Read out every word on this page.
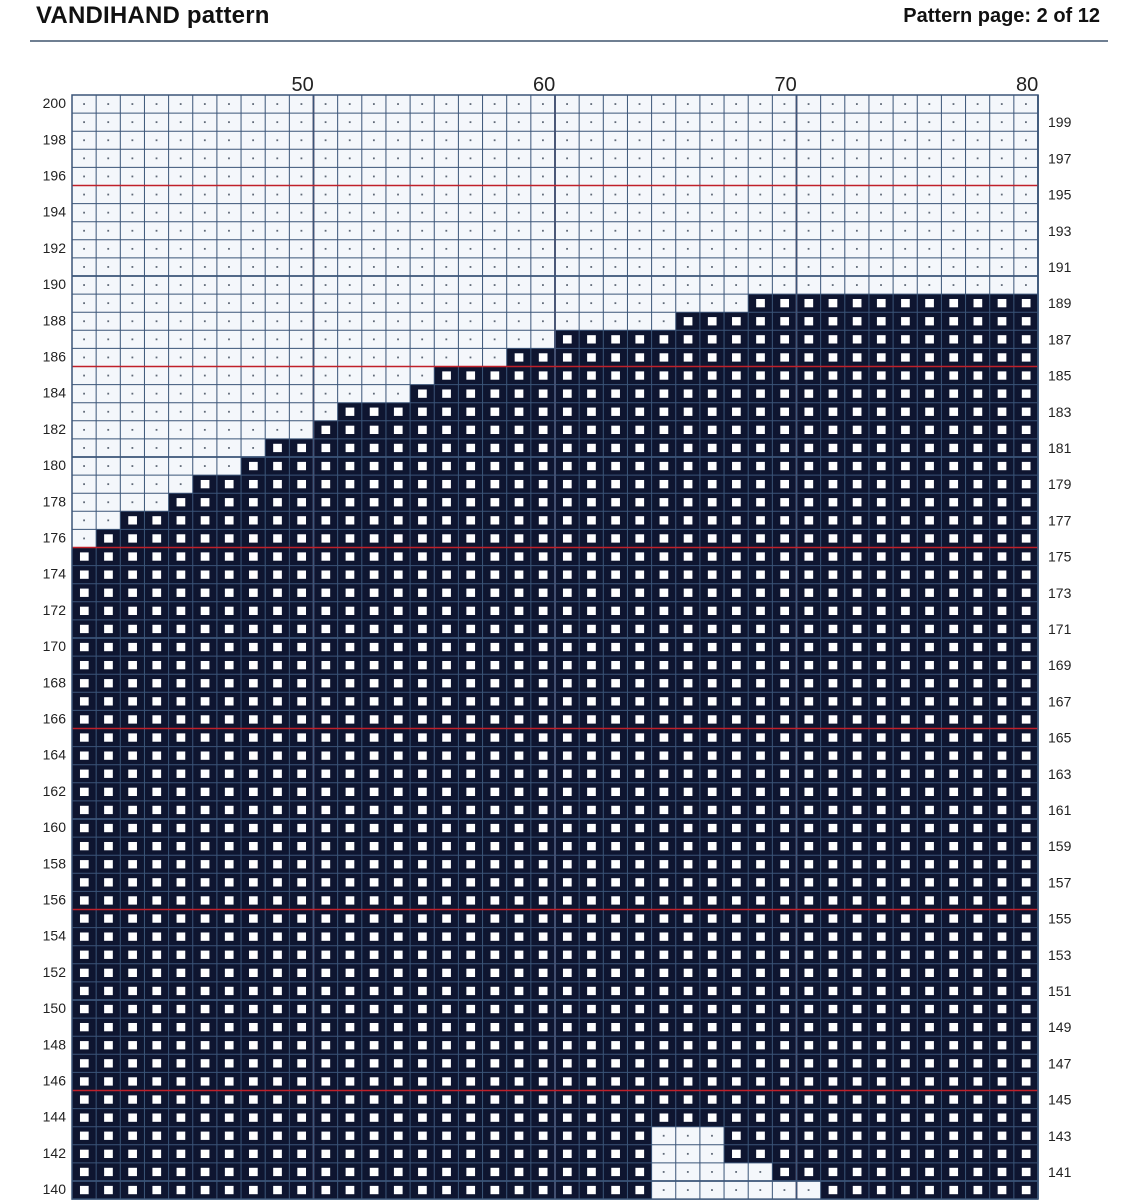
VANDIHAND pattern	Pattern page: 2 of 12
50	60	70	80
200
198
196
194
192
190
188
186
184
182
180
178
176
174
172
170
168
166
164
162
160
158
156
154
152
150
148
146
144
142
140
199
197
195
193
191
189
187
185
183
181
179
177
175
173
171
169
167
165
163
161
159
157
155
153
151
149
147
145
143
141
